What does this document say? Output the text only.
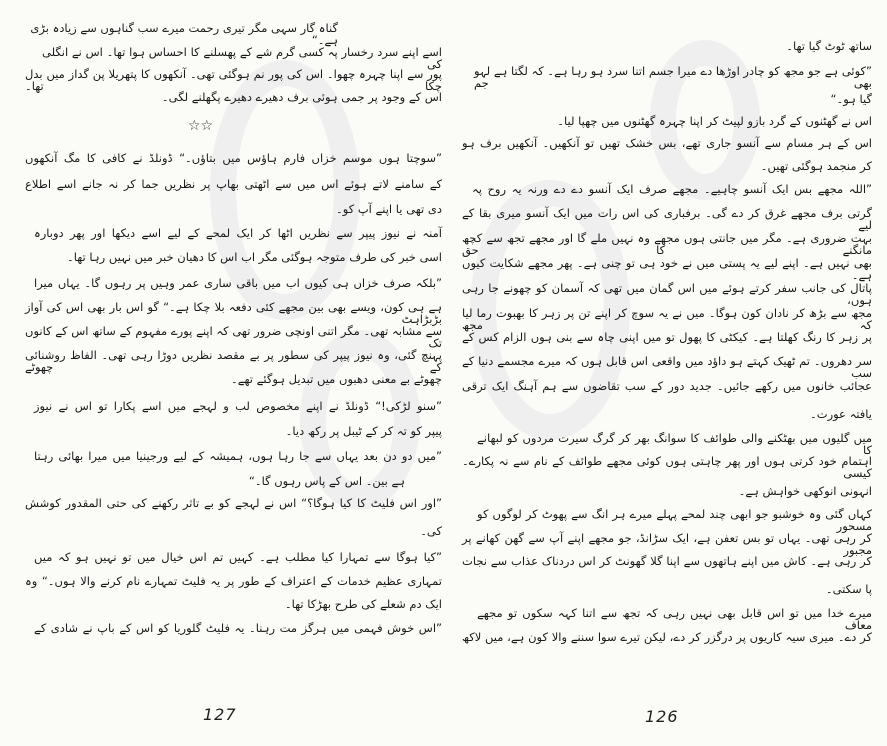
گناہ گار سہی مگر تیری رحمت میرے سب گناہوں سے زیادہ بڑی ہے۔“
اسے اپنے سرد رخسار پہ کسی گرم شے کے پھسلنے کا احساس ہوا تھا۔ اس نے انگلی کی
پور سے اپنا چہرہ چھوا۔ اس کی پور نم ہوگئی تھی۔ آنکھوں کا پتھریلا پن گداز میں بدل چکا تھا۔
اس کے وجود پر جمی ہوئی برف دھیرے دھیرے پگھلنے لگی۔
☆☆
”سوچتا ہوں موسم خزاں فارم ہاؤس میں بتاؤں۔“ ڈونلڈ نے کافی کا مگ آنکھوں
کے سامنے لاتے ہوئے اس میں سے اٹھتی بھاپ پر نظریں جما کر نہ جانے اسے اطلاع
دی تھی یا اپنے آپ کو۔
آمنہ نے نیوز پیپر سے نظریں اٹھا کر ایک لمحے کے لیے اسے دیکھا اور پھر دوبارہ
اسی خبر کی طرف متوجہ ہوگئی مگر اب اس کا دھیان خبر میں نہیں رہا تھا۔
”بلکہ صرف خزاں ہی کیوں اب میں باقی ساری عمر وہیں پر رہوں گا۔ یہاں میرا
ہے ہی کون، ویسے بھی بین مجھے کئی دفعہ بلا چکا ہے۔“ گو اس بار بھی اس کی آواز بڑبڑاہٹ
سے مشابہ تھی۔ مگر اتنی اونچی ضرور تھی کہ اپنے پورے مفہوم کے ساتھ اس کے کانوں تک
پہنچ گئی، وہ نیوز پیپر کی سطور پر بے مقصد نظریں دوڑا رہی تھی۔ الفاظ روشنائی کے چھوٹے
چھوٹے بے معنی دھبوں میں تبدیل ہوگئے تھے۔
”سنو لڑکی!“ ڈونلڈ نے اپنے مخصوص لب و لہجے میں اسے پکارا تو اس نے نیوز
پیپر کو تہ کر کے ٹیبل پر رکھ دیا۔
”میں دو دن بعد یہاں سے جا رہا ہوں، ہمیشہ کے لیے ورجینیا میں میرا بھائی رہتا
ہے بین۔ اس کے پاس رہوں گا۔“
”اور اس فلیٹ کا کیا ہوگا؟“ اس نے لہجے کو بے تاثر رکھنے کی حتی المقدور کوشش
کی۔
”کیا ہوگا سے تمہارا کیا مطلب ہے۔ کہیں تم اس خیال میں تو نہیں ہو کہ میں
تمہاری عظیم خدمات کے اعتراف کے طور پر یہ فلیٹ تمہارے نام کرنے والا ہوں۔“ وہ
ایک دم شعلے کی طرح بھڑکا تھا۔
”اس خوش فہمی میں ہرگز مت رہنا۔ یہ فلیٹ گلوریا کو اس کے باپ نے شادی کے
127
ساتھ ٹوٹ گیا تھا۔
”کوئی ہے جو مجھ کو چادر اوڑھا دے میرا جسم اتنا سرد ہو رہا ہے۔ کہ لگتا ہے لہو بھی جم
گیا ہو۔“
اس نے گھٹنوں کے گرد بازو لپیٹ کر اپنا چہرہ گھٹنوں میں چھپا لیا۔
اس کے ہر مسام سے آنسو جاری تھے، بس خشک تھیں تو آنکھیں۔ آنکھیں برف ہو
کر منجمد ہوگئی تھیں۔
”اللہ مجھے بس ایک آنسو چاہیے۔ مجھے صرف ایک آنسو دے دے ورنہ یہ روح پہ
گرتی برف مجھے غرق کر دے گی۔ برفباری کی اس رات میں ایک آنسو میری بقا کے لیے
بہت ضروری ہے۔ مگر میں جانتی ہوں مجھے وہ نہیں ملے گا اور مجھے تجھ سے کچھ مانگنے کا حق
بھی نہیں ہے۔ اپنے لیے یہ پستی میں نے خود ہی تو چنی ہے۔ پھر مجھے شکایت کیوں ہے۔
پاتال کی جانب سفر کرتے ہوئے میں اس گمان میں تھی کہ آسمان کو چھونے جا رہی ہوں،
مجھ سے بڑھ کر نادان کون ہوگا۔ میں نے یہ سوچ کر اپنے تن پر زہر کا بھبوت رما لیا کہ مجھ
پر زہر کا رنگ کھلتا ہے۔ کیکٹی کا پھول تو میں اپنی چاہ سے بنی ہوں الزام کس کے
سر دھروں۔ تم ٹھیک کہتے ہو داؤد میں واقعی اس قابل ہوں کہ میرے مجسمے دنیا کے سب
عجائب خانوں میں رکھے جائیں۔ جدید دور کے سب تقاضوں سے ہم آہنگ ایک ترقی
یافتہ عورت۔
میں گلیوں میں بھٹکنے والی طوائف کا سوانگ بھر کر گرگ سیرت مردوں کو لبھانے کا
اہتمام خود کرتی ہوں اور پھر چاہتی ہوں کوئی مجھے طوائف کے نام سے نہ پکارے۔ کیسی
انہونی انوکھی خواہش ہے۔
کہاں گئی وہ خوشبو جو ابھی چند لمحے پہلے میرے ہر انگ سے پھوٹ کر لوگوں کو مسحور
کر رہی تھی۔ یہاں تو بس تعفن ہے، ایک سڑانڈ، جو مجھے اپنے آپ سے گھن کھانے پر مجبور
کر رہی ہے۔ کاش میں اپنے ہاتھوں سے اپنا گلا گھونٹ کر اس دردناک عذاب سے نجات
پا سکتی۔
میرے خدا میں تو اس قابل بھی نہیں رہی کہ تجھ سے اتنا کہہ سکوں تو مجھے معاف
کر دے۔ میری سیہ کاریوں پر درگزر کر دے، لیکن تیرے سوا سننے والا کون ہے، میں لاکھ
126
